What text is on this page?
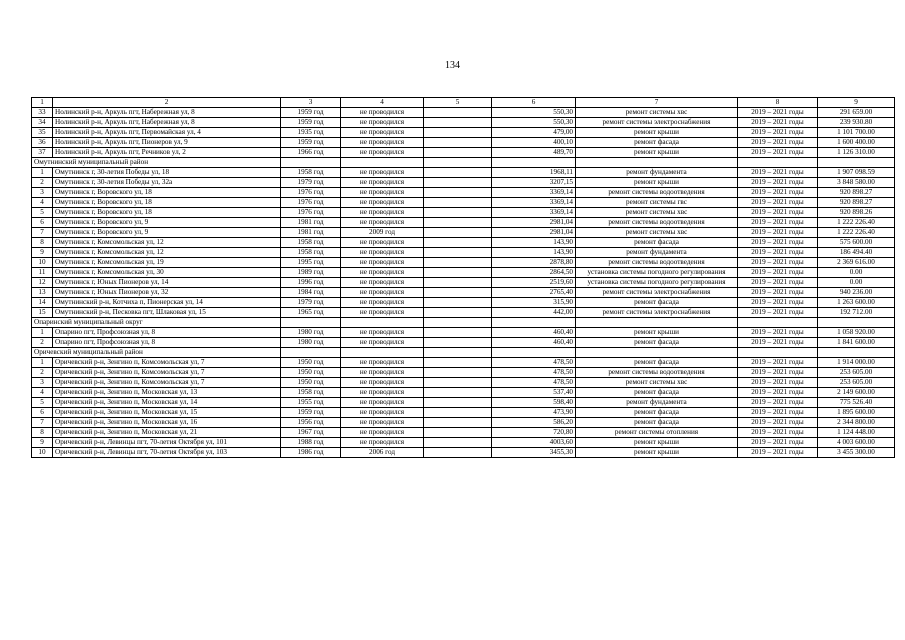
134
1	2	3	4	5	6	7	8	9
33	Нолинский р-н, Аркуль пгт, Набережная ул, 8	1959 год	не проводился		550,30	ремонт системы хвс	2019 – 2021 годы	291 659.00
34	Нолинский р-н, Аркуль пгт, Набережная ул, 8	1959 год	не проводился		550,30	ремонт системы электроснабжения	2019 – 2021 годы	239 930.80
35	Нолинский р-н, Аркуль пгт, Первомайская ул, 4	1935 год	не проводился		479,00	ремонт крыши	2019 – 2021 годы	1 101 700.00
36	Нолинский р-н, Аркуль пгт, Пионеров ул, 9	1959 год	не проводился		400,10	ремонт фасада	2019 – 2021 годы	1 600 400.00
37	Нолинский р-н, Аркуль пгт, Речников ул, 2	1966 год	не проводился		489,70	ремонт крыши	2019 – 2021 годы	1 126 310.00
Омутнинский муниципальный район								
1	Омутнинск г, 30-летия Победы ул, 18	1958 год	не проводился		1968,11	ремонт фундамента	2019 – 2021 годы	1 907 098.59
2	Омутнинск г, 30-летия Победы ул, 32а	1979 год	не проводился		3207,15	ремонт крыши	2019 – 2021 годы	3 848 580.00
3	Омутнинск г, Воровского ул, 18	1976 год	не проводился		3369,14	ремонт системы водоотведения	2019 – 2021 годы	920 898.27
4	Омутнинск г, Воровского ул, 18	1976 год	не проводился		3369,14	ремонт системы гвс	2019 – 2021 годы	920 898.27
5	Омутнинск г, Воровского ул, 18	1976 год	не проводился		3369,14	ремонт системы хвс	2019 – 2021 годы	920 898.26
6	Омутнинск г, Воровского ул, 9	1981 год	не проводился		2981,04	ремонт системы водоотведения	2019 – 2021 годы	1 222 226.40
7	Омутнинск г, Воровского ул, 9	1981 год	2009 год		2981,04	ремонт системы хвс	2019 – 2021 годы	1 222 226.40
8	Омутнинск г, Комсомольская ул, 12	1958 год	не проводился		143,90	ремонт фасада	2019 – 2021 годы	575 600.00
9	Омутнинск г, Комсомольская ул, 12	1958 год	не проводился		143,90	ремонт фундамента	2019 – 2021 годы	186 494.40
10	Омутнинск г, Комсомольская ул, 19	1995 год	не проводился		2878,80	ремонт системы водоотведения	2019 – 2021 годы	2 369 616.00
11	Омутнинск г, Комсомольская ул, 30	1989 год	не проводился		2864,50	установка системы погодного регулирования	2019 – 2021 годы	0.00
12	Омутнинск г, Юных Пионеров ул, 14	1996 год	не проводился		2519,60	установка системы погодного регулирования	2019 – 2021 годы	0.00
13	Омутнинск г, Юных Пионеров ул, 32	1984 год	не проводился		2765,40	ремонт системы электроснабжения	2019 – 2021 годы	940 236.00
14	Омутнинский р-н, Котчиха п, Пионерская ул, 14	1979 год	не проводился		315,90	ремонт фасада	2019 – 2021 годы	1 263 600.00
15	Омутнинский р-н, Песковка пгт, Шлаковая ул, 15	1965 год	не проводился		442,00	ремонт системы электроснабжения	2019 – 2021 годы	192 712.00
Опаринский муниципальный округ								
1	Опарино пгт, Профсоюзная ул, 8	1980 год	не проводился		460,40	ремонт крыши	2019 – 2021 годы	1 058 920.00
2	Опарино пгт, Профсоюзная ул, 8	1980 год	не проводился		460,40	ремонт фасада	2019 – 2021 годы	1 841 600.00
Оричевский муниципальный район								
1	Оричевский р-н, Зенгино п, Комсомольская ул, 7	1950 год	не проводился		478,50	ремонт фасада	2019 – 2021 годы	1 914 000.00
2	Оричевский р-н, Зенгино п, Комсомольская ул, 7	1950 год	не проводился		478,50	ремонт системы водоотведения	2019 – 2021 годы	253 605.00
3	Оричевский р-н, Зенгино п, Комсомольская ул, 7	1950 год	не проводился		478,50	ремонт системы хвс	2019 – 2021 годы	253 605.00
4	Оричевский р-н, Зенгино п, Московская ул, 13	1958 год	не проводился		537,40	ремонт фасада	2019 – 2021 годы	2 149 600.00
5	Оричевский р-н, Зенгино п, Московская ул, 14	1955 год	не проводился		598,40	ремонт фундамента	2019 – 2021 годы	775 526.40
6	Оричевский р-н, Зенгино п, Московская ул, 15	1959 год	не проводился		473,90	ремонт фасада	2019 – 2021 годы	1 895 600.00
7	Оричевский р-н, Зенгино п, Московская ул, 16	1956 год	не проводился		586,20	ремонт фасада	2019 – 2021 годы	2 344 800.00
8	Оричевский р-н, Зенгино п, Московская ул, 21	1967 год	не проводился		720,80	ремонт системы отопления	2019 – 2021 годы	1 124 448.00
9	Оричевский р-н, Левинцы пгт, 70-летия Октября ул, 101	1988 год	не проводился		4003,60	ремонт крыши	2019 – 2021 годы	4 003 600.00
10	Оричевский р-н, Левинцы пгт, 70-летия Октября ул, 103	1986 год	2006 год		3455,30	ремонт крыши	2019 – 2021 годы	3 455 300.00
